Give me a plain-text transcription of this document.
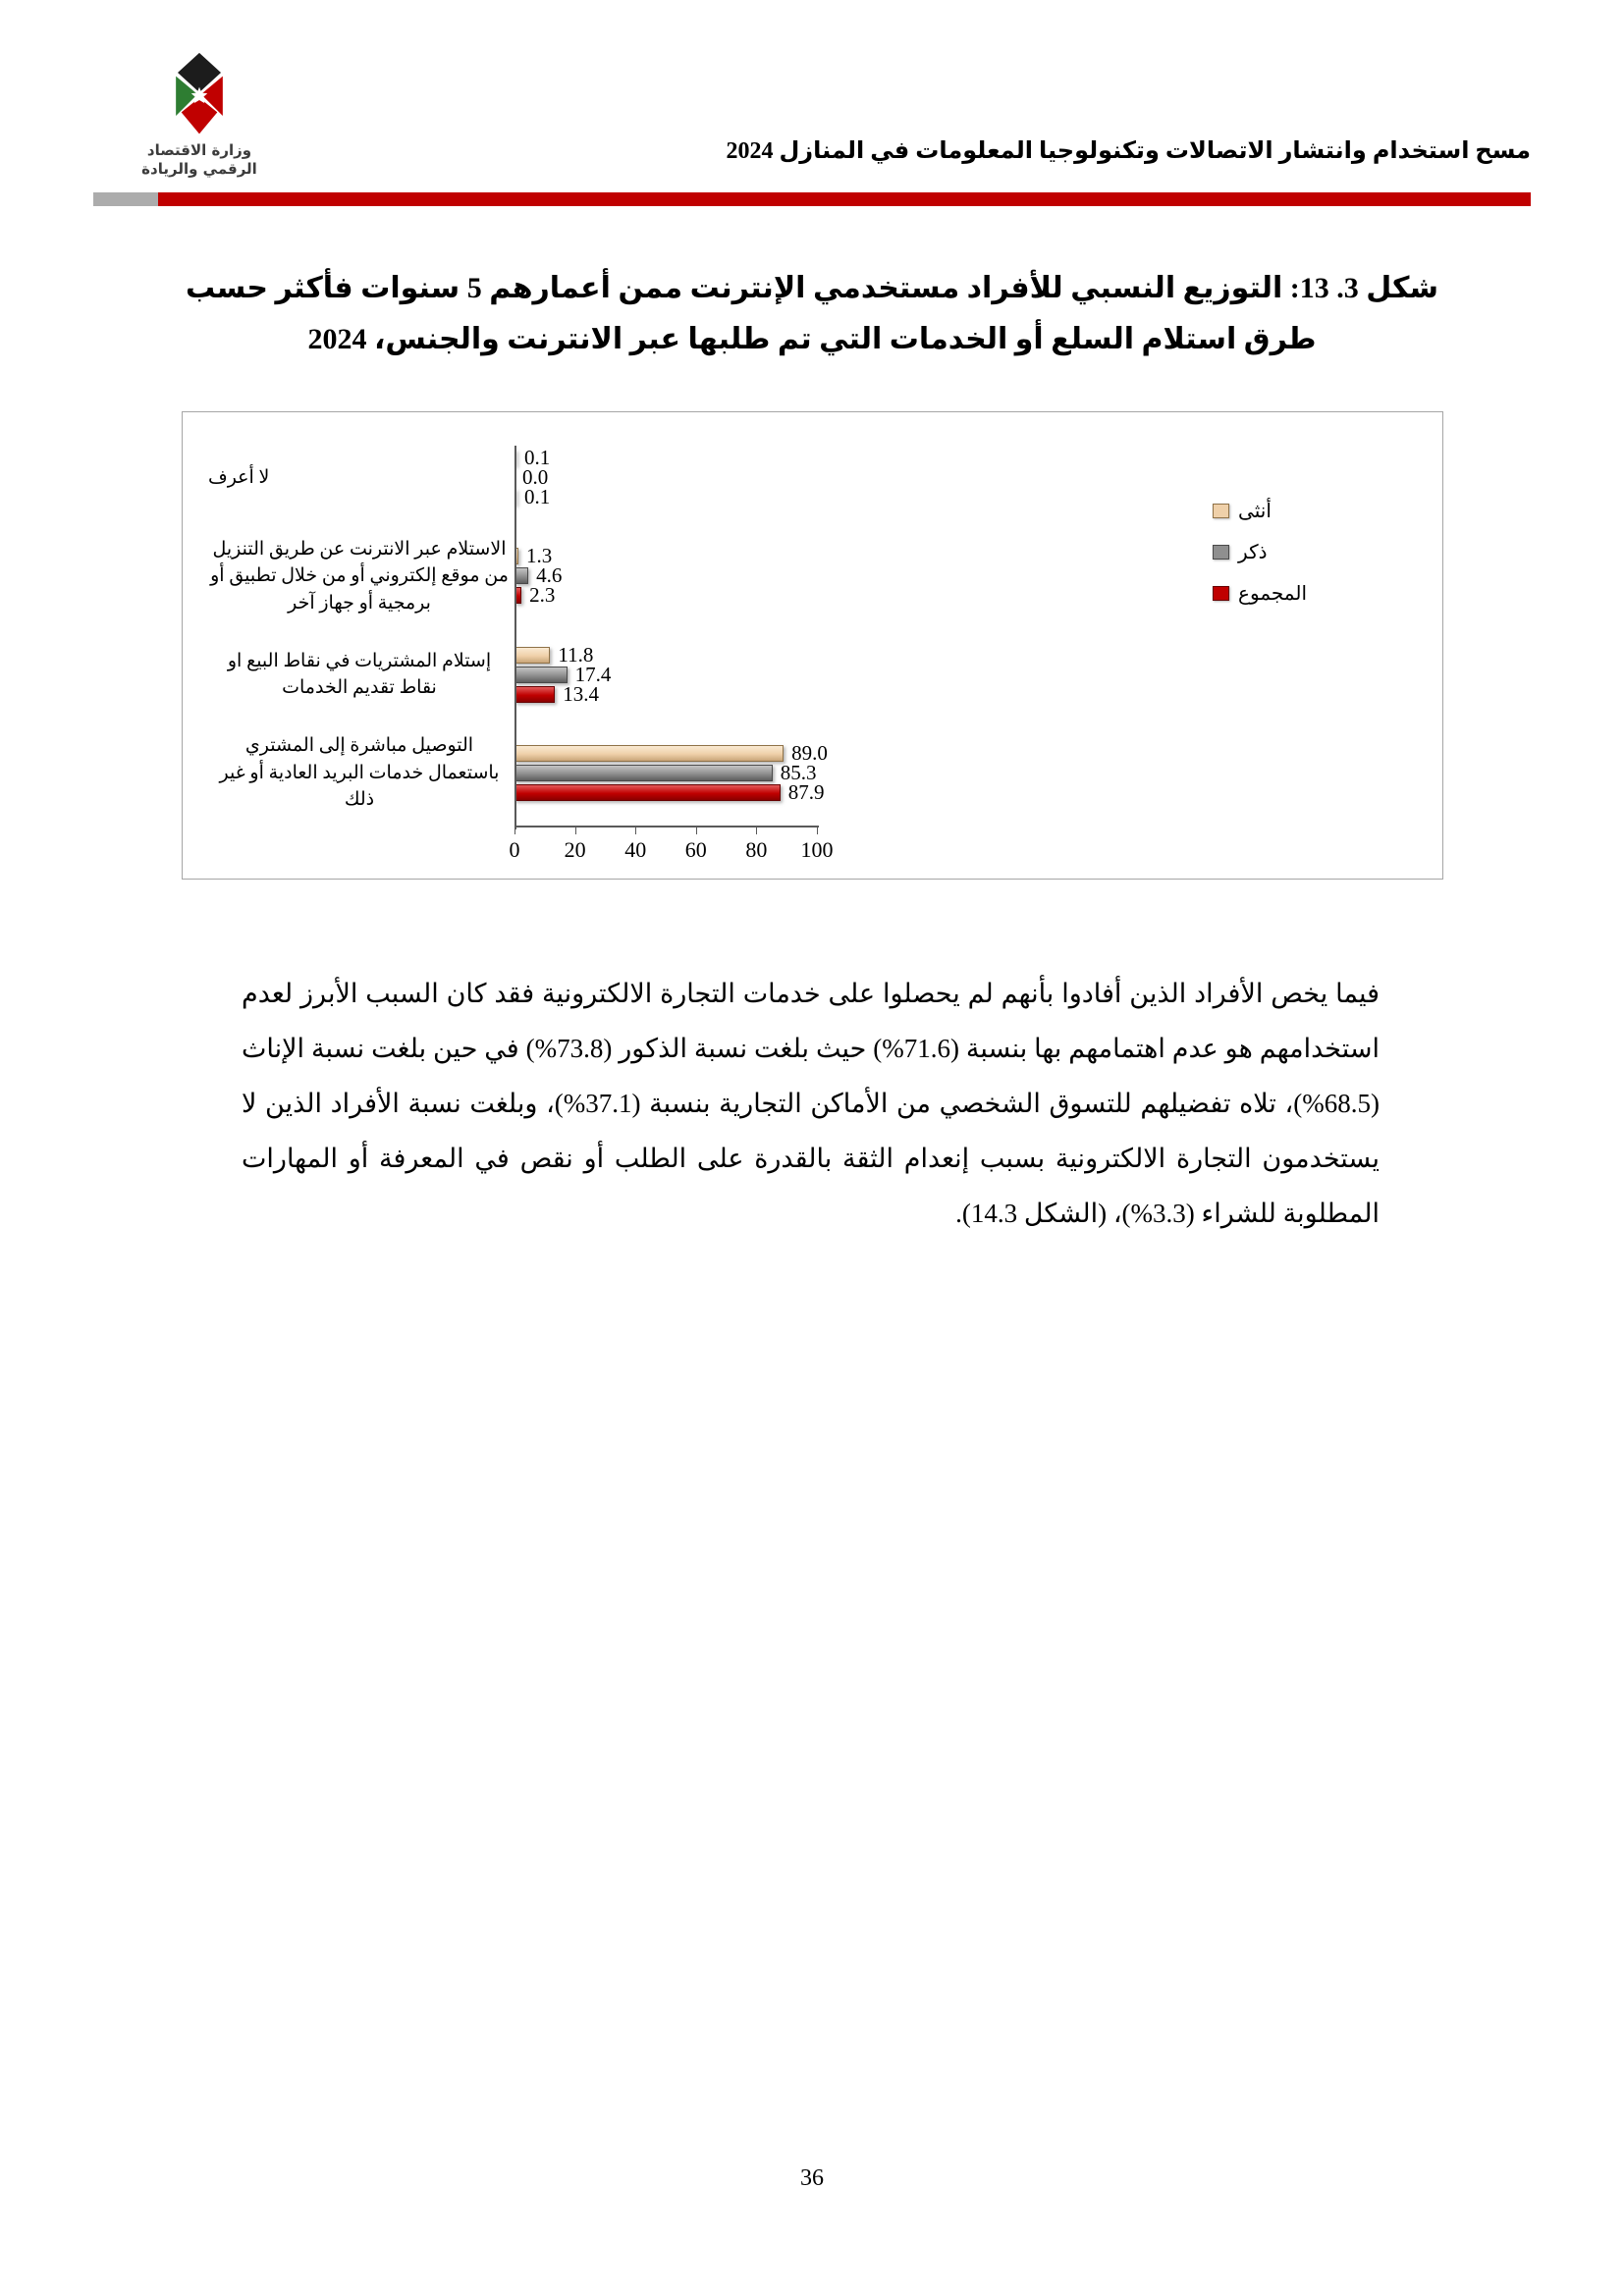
وزارة الاقتصاد
الرقمي والريادة
مسح استخدام وانتشار الاتصالات وتكنولوجيا المعلومات في المنازل 2024
شكل 3. 13: التوزيع النسبي للأفراد مستخدمي الإنترنت ممن أعمارهم 5 سنوات فأكثر حسب
طرق استلام السلع أو الخدمات التي تم طلبها عبر الانترنت والجنس، 2024
أنثى
ذكر
المجموع
لا أعرف
0.1
0.0
0.1
الاستلام عبر الانترنت عن طريق التنزيل من موقع إلكتروني أو من خلال تطبيق أو برمجية أو جهاز آخر
1.3
4.6
2.3
إستلام المشتريات في نقاط البيع او نقاط تقديم الخدمات
11.8
17.4
13.4
التوصيل مباشرة إلى المشتري باستعمال خدمات البريد العادية أو غير ذلك
89.0
85.3
87.9
0 20 40 60 80 100

فيما يخص الأفراد الذين أفادوا بأنهم لم يحصلوا على خدمات التجارة الالكترونية فقد كان السبب الأبرز لعدم استخدامهم هو عدم اهتمامهم بها بنسبة (71.6%) حيث بلغت نسبة الذكور (73.8%) في حين بلغت نسبة الإناث (68.5%)، تلاه تفضيلهم للتسوق الشخصي من الأماكن التجارية بنسبة (37.1%)، وبلغت نسبة الأفراد الذين لا يستخدمون التجارة الالكترونية بسبب إنعدام الثقة بالقدرة على الطلب أو نقص في المعرفة أو المهارات المطلوبة للشراء (3.3%)، (الشكل 14.3).

36
